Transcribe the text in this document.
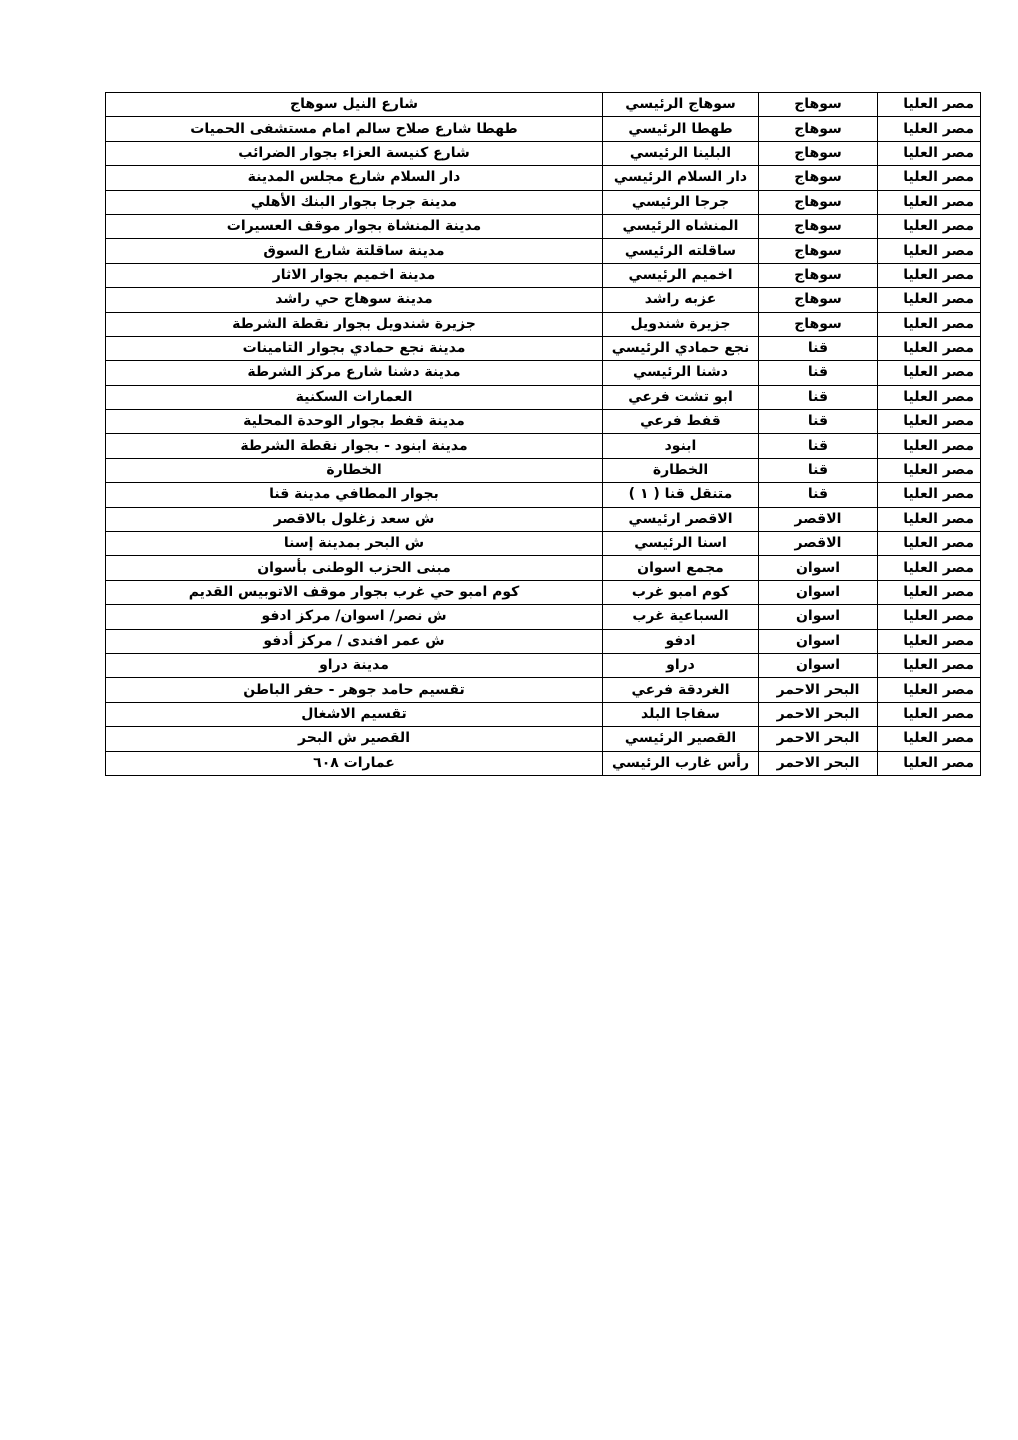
مصر العليا	سوهاج	سوهاج الرئيسي	شارع النيل سوهاج
مصر العليا	سوهاج	طهطا الرئيسي	طهطا شارع صلاح سالم امام مستشفى الحميات
مصر العليا	سوهاج	البلينا الرئيسي	شارع كنيسة العزاء بجوار الضرائب
مصر العليا	سوهاج	دار السلام الرئيسي	دار السلام شارع مجلس المدينة
مصر العليا	سوهاج	جرجا الرئيسي	مدينة جرجا بجوار البنك الأهلي
مصر العليا	سوهاج	المنشاه الرئيسي	مدينة المنشاة بجوار موقف العسيرات
مصر العليا	سوهاج	ساقلته الرئيسي	مدينة ساقلتة شارع السوق
مصر العليا	سوهاج	اخميم الرئيسي	مدينة اخميم بجوار الاثار
مصر العليا	سوهاج	عزبه راشد	مدينة سوهاج حي راشد
مصر العليا	سوهاج	جزيرة شندويل	جزيرة شندويل بجوار نقطة الشرطة
مصر العليا	قنا	نجع حمادي الرئيسي	مدينة نجع حمادي بجوار التامينات
مصر العليا	قنا	دشنا الرئيسي	مدينة دشنا شارع مركز الشرطة
مصر العليا	قنا	ابو تشت فرعي	العمارات السكنية
مصر العليا	قنا	قفط فرعي	مدينة قفط بجوار الوحدة المحلية
مصر العليا	قنا	ابنود	مدينة ابنود - بجوار نقطة الشرطة
مصر العليا	قنا	الخطارة	الخطارة
مصر العليا	قنا	متنقل قنا ( ١ )	بجوار المطافي مدينة قنا
مصر العليا	الاقصر	الاقصر ارئيسي	ش سعد زغلول بالاقصر
مصر العليا	الاقصر	اسنا الرئيسي	ش البحر بمدينة إسنا
مصر العليا	اسوان	مجمع اسوان	مبنى الحزب الوطنى بأسوان
مصر العليا	اسوان	كوم امبو غرب	كوم امبو حي غرب بجوار موقف الاتوبيس القديم
مصر العليا	اسوان	السباعية غرب	ش نصر/ اسوان/ مركز ادفو
مصر العليا	اسوان	ادفو	ش عمر افندى / مركز أدفو
مصر العليا	اسوان	دراو	مدينة دراو
مصر العليا	البحر الاحمر	الغردقة فرعي	تقسيم حامد جوهر - حفر الباطن
مصر العليا	البحر الاحمر	سفاجا البلد	تقسيم الاشغال
مصر العليا	البحر الاحمر	القصير الرئيسي	القصير ش البحر
مصر العليا	البحر الاحمر	رأس غارب الرئيسي	عمارات ٦٠٨
